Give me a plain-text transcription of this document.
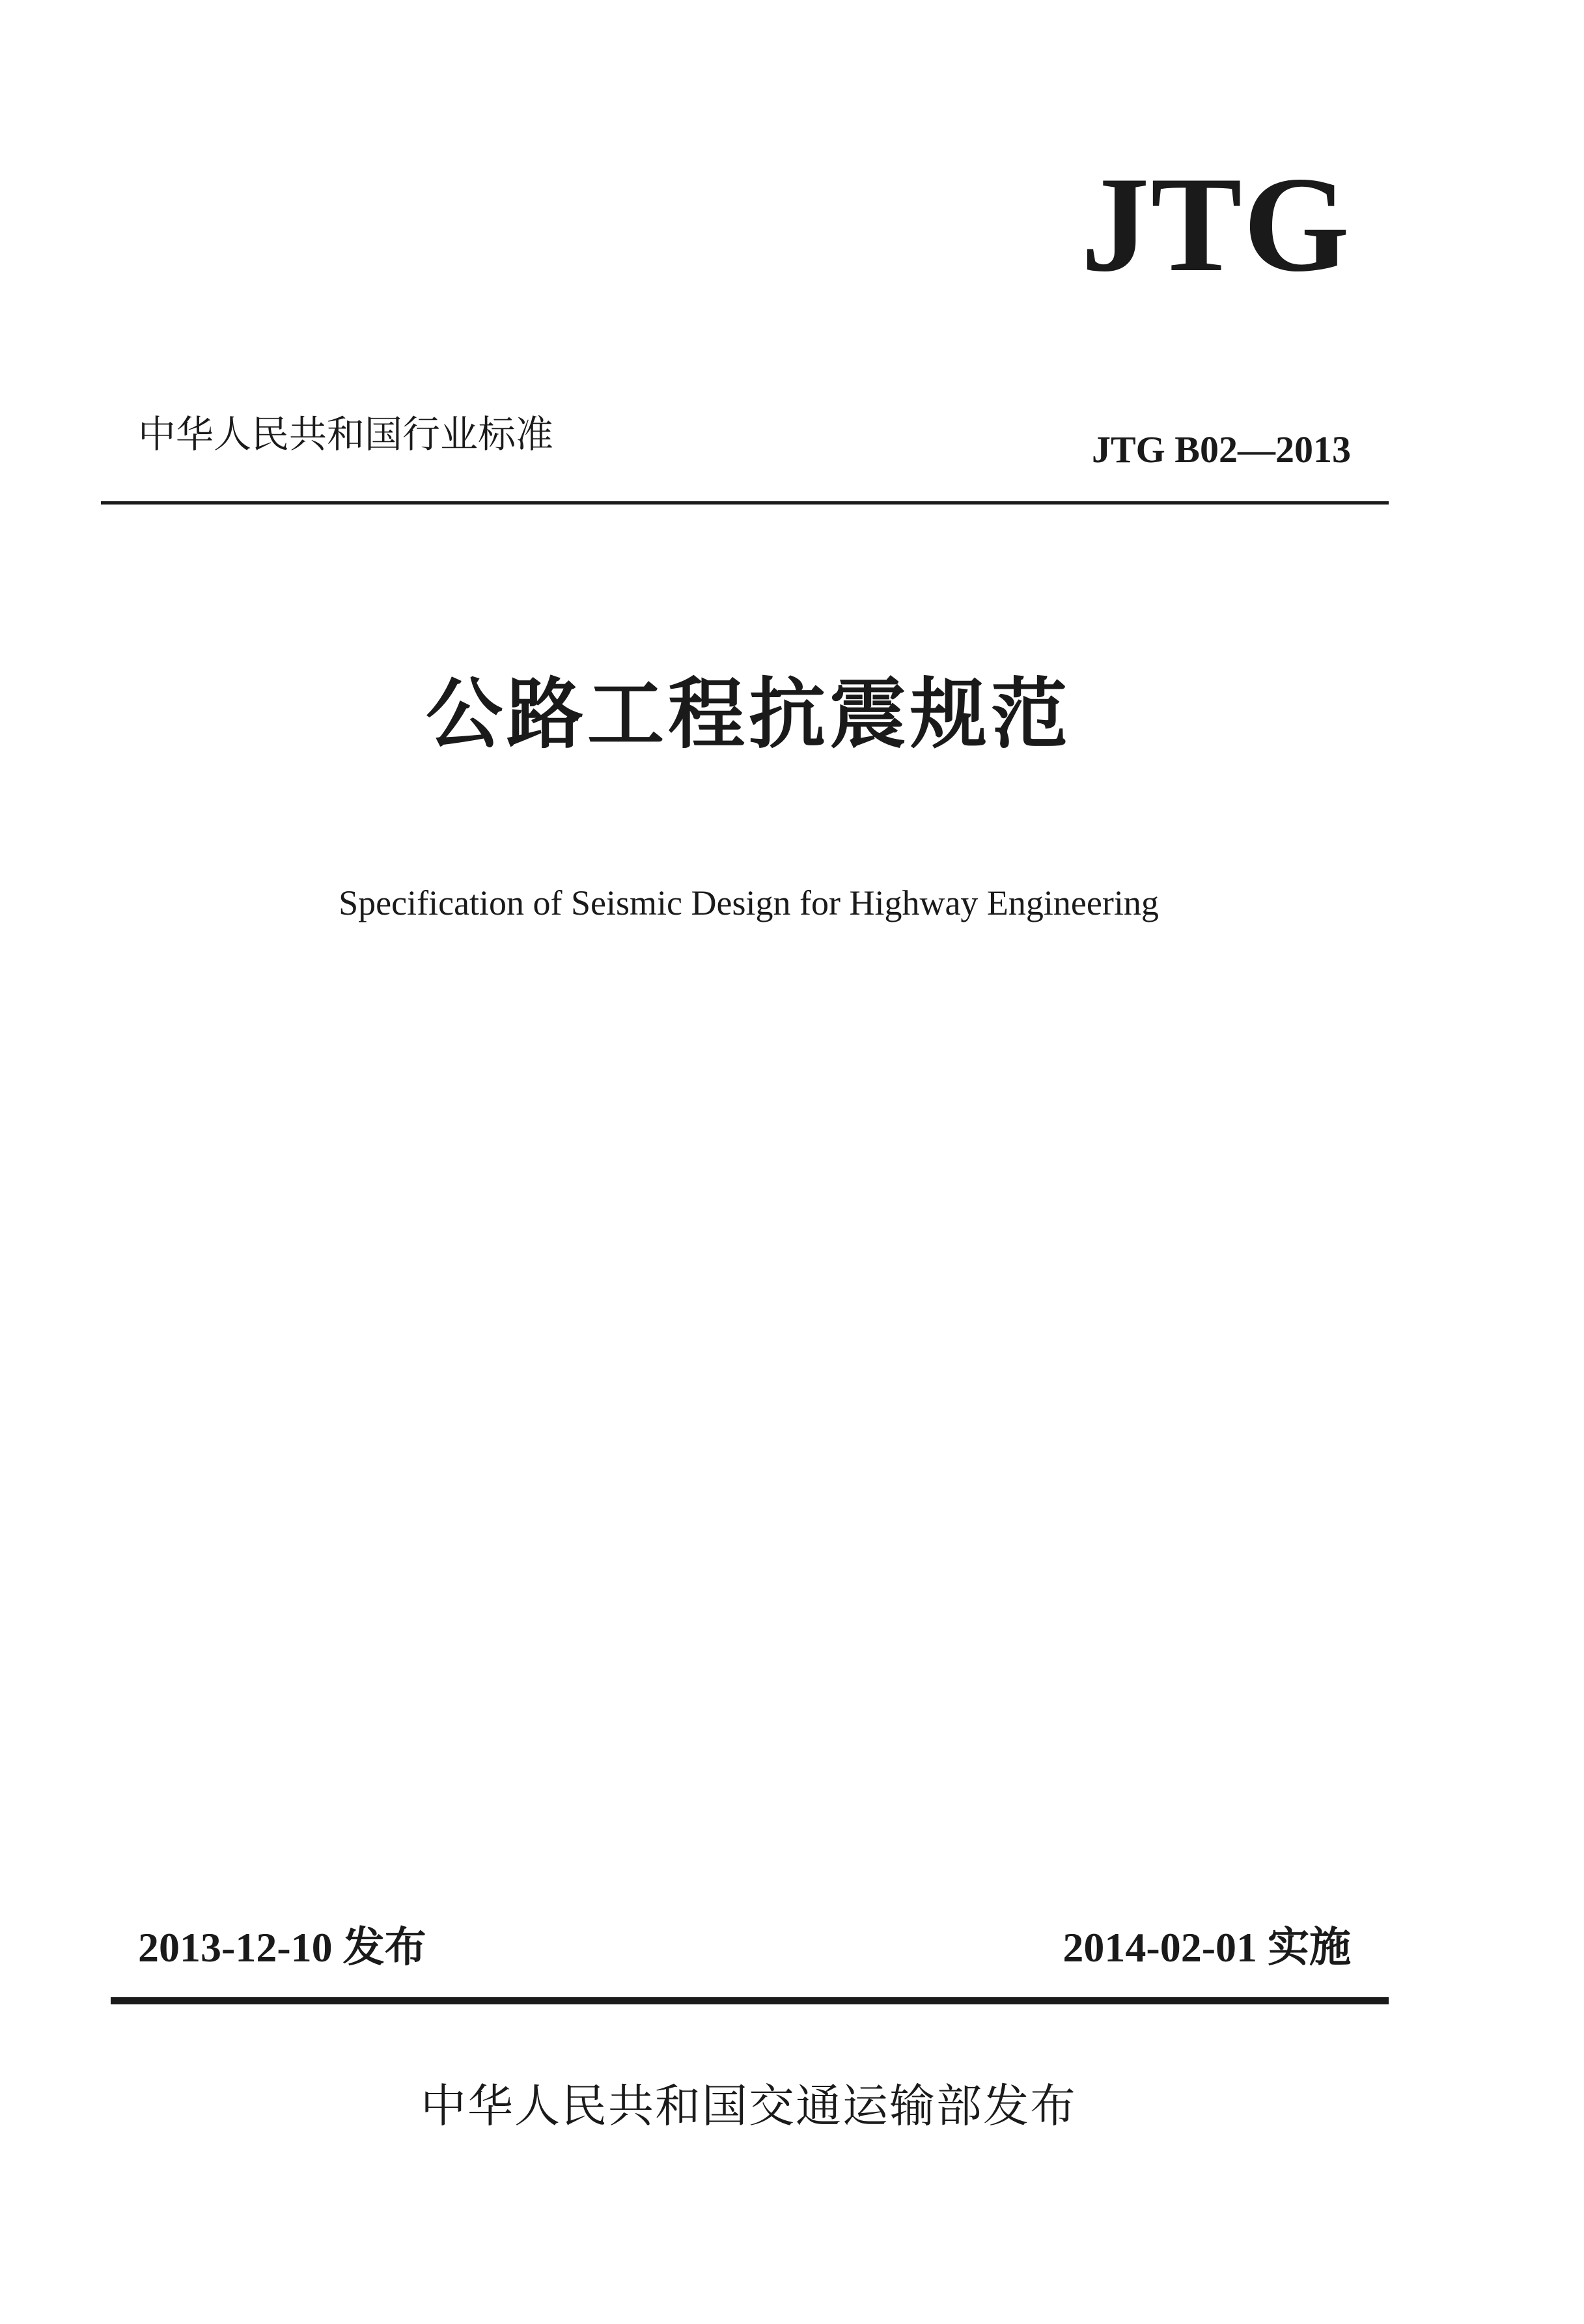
JTG
中华人民共和国行业标准	JTG B02—2013
公路工程抗震规范
Specification of Seismic Design for Highway Engineering
2013-12-10 发布	2014-02-01 实施
中华人民共和国交通运输部发布
